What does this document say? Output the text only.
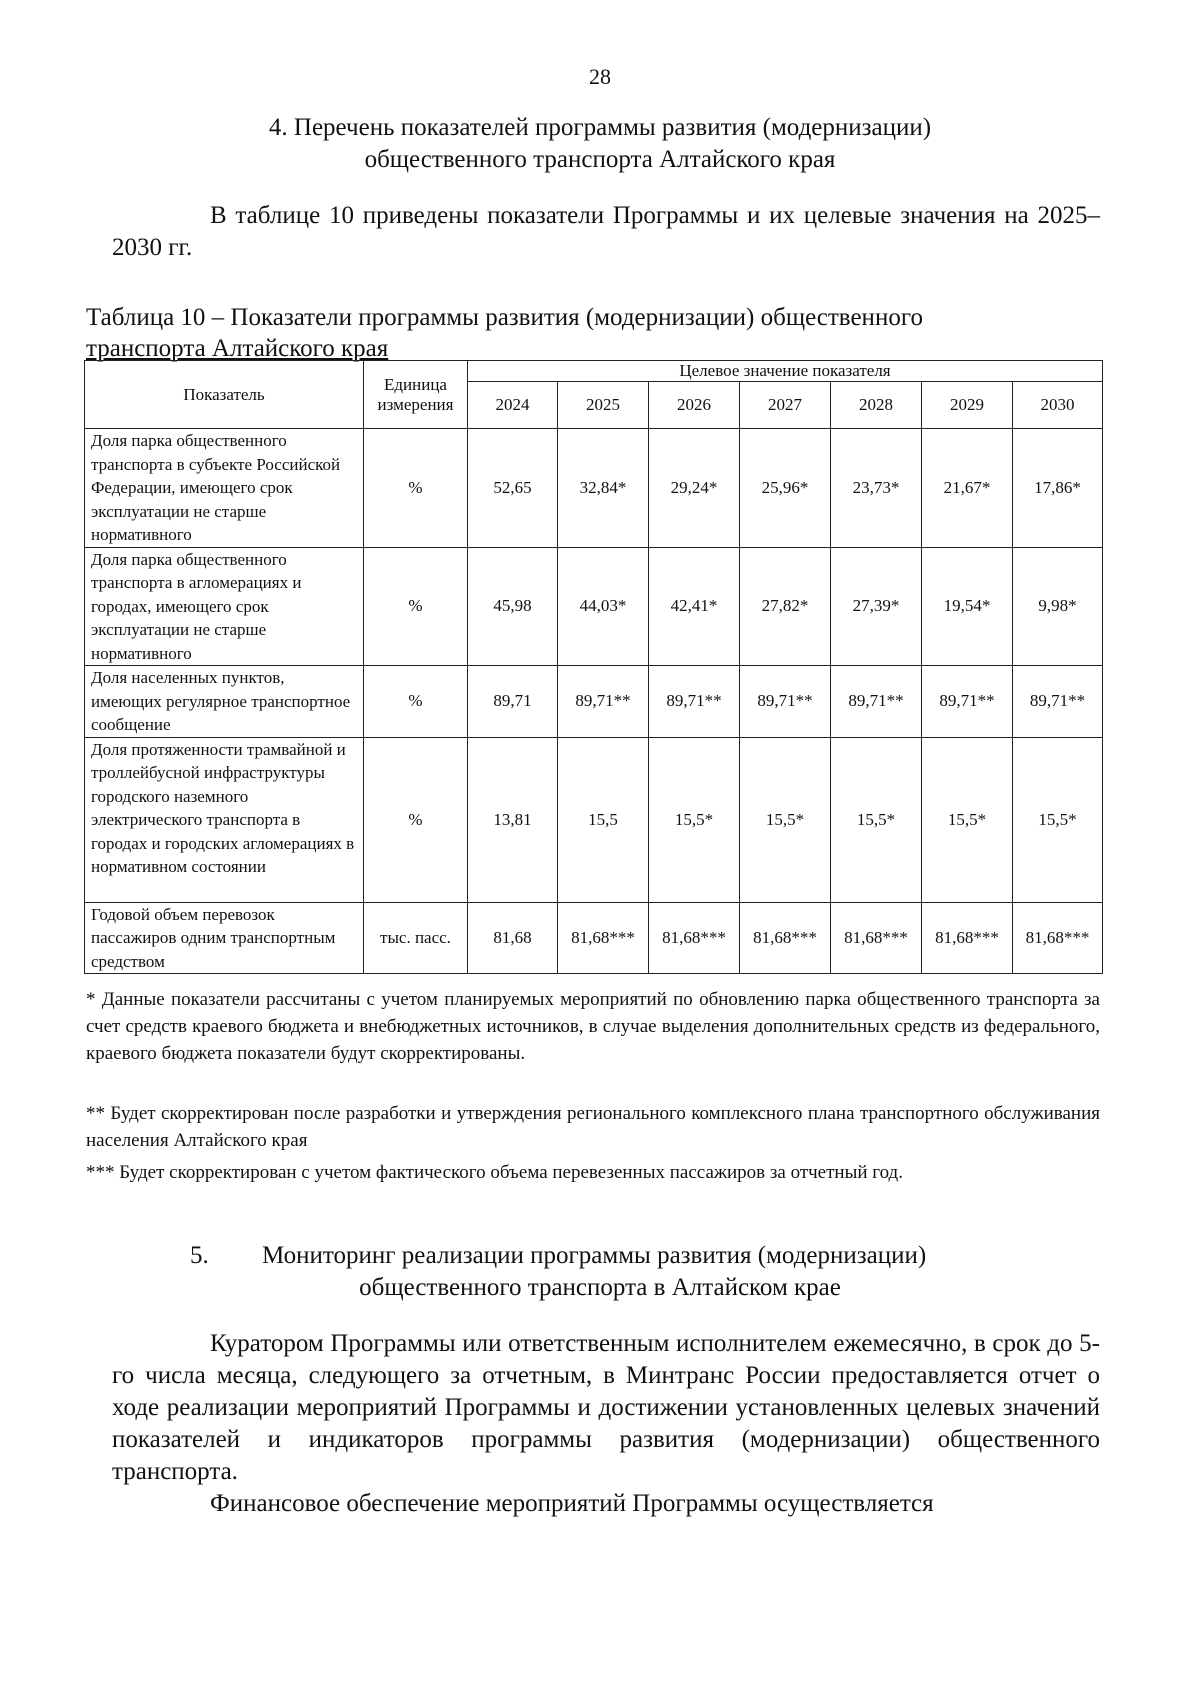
28
4. Перечень показателей программы развития (модернизации)
общественного транспорта Алтайского края
В таблице 10 приведены показатели Программы и их целевые значения на 2025–2030 гг.
Таблица 10 – Показатели программы развития (модернизации) общественного
транспорта Алтайского края
Показатель	Единица измерения	Целевое значение показателя						
		2024	2025	2026	2027	2028	2029	2030
Доля парка общественного транспорта в субъекте Российской Федерации, имеющего срок эксплуатации не старше нормативного	%	52,65	32,84*	29,24*	25,96*	23,73*	21,67*	17,86*
Доля парка общественного транспорта в агломерациях и городах, имеющего срок эксплуатации не старше нормативного	%	45,98	44,03*	42,41*	27,82*	27,39*	19,54*	9,98*
Доля населенных пунктов, имеющих регулярное транспортное сообщение	%	89,71	89,71**	89,71**	89,71**	89,71**	89,71**	89,71**
Доля протяженности трамвайной и троллейбусной инфраструктуры городского наземного электрического транспорта в городах и городских агломерациях в нормативном состоянии	%	13,81	15,5	15,5*	15,5*	15,5*	15,5*	15,5*
Годовой объем перевозок пассажиров одним транспортным средством	тыс. пасс.	81,68	81,68***	81,68***	81,68***	81,68***	81,68***	81,68***
* Данные показатели рассчитаны с учетом планируемых мероприятий по обновлению парка общественного транспорта за счет средств краевого бюджета и внебюджетных источников, в случае выделения дополнительных средств из федерального, краевого бюджета показатели будут скорректированы.
** Будет скорректирован после разработки и утверждения регионального комплексного плана транспортного обслуживания населения Алтайского края
*** Будет скорректирован с учетом фактического объема перевезенных пассажиров за отчетный год.
5. Мониторинг реализации программы развития (модернизации)
общественного транспорта в Алтайском крае
Куратором Программы или ответственным исполнителем ежемесячно, в срок до 5-го числа месяца, следующего за отчетным, в Минтранс России предоставляется отчет о ходе реализации мероприятий Программы и достижении установленных целевых значений показателей и индикаторов программы развития (модернизации) общественного транспорта.
Финансовое обеспечение мероприятий Программы осуществляется
